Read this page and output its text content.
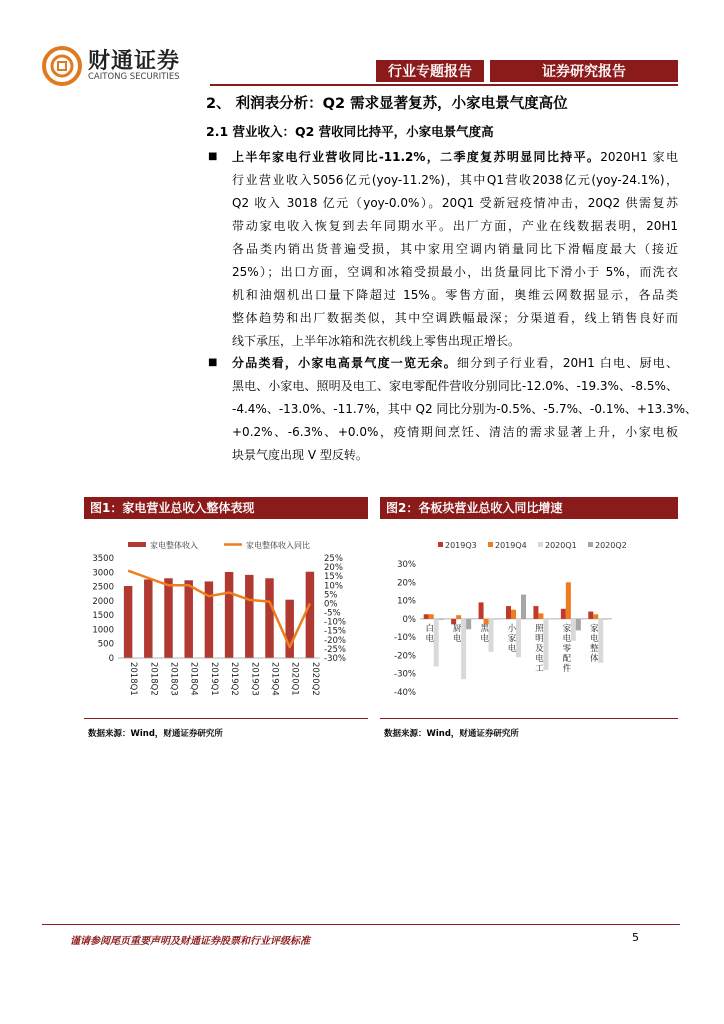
财通证券
CAITONG SECURITIES	行业专题报告	证券研究报告
2、 利润表分析：Q2 需求显著复苏，小家电景气度高位
2.1 营业收入：Q2 营收同比持平，小家电景气度高
■ 上半年家电行业营收同比-11.2%，二季度复苏明显同比持平。2020H1 家电
行业营业收入5056亿元(yoy-11.2%)，其中Q1营收2038亿元(yoy-24.1%)，
Q2 收入 3018 亿元（yoy-0.0%）。20Q1 受新冠疫情冲击，20Q2 供需复苏
带动家电收入恢复到去年同期水平。出厂方面，产业在线数据表明，20H1
各品类内销出货普遍受损，其中家用空调内销量同比下滑幅度最大（接近
25%）；出口方面，空调和冰箱受损最小，出货量同比下滑小于 5%，而洗衣
机和油烟机出口量下降超过 15%。零售方面，奥维云网数据显示，各品类
整体趋势和出厂数据类似，其中空调跌幅最深；分渠道看，线上销售良好而
线下承压，上半年冰箱和洗衣机线上零售出现正增长。
■ 分品类看，小家电高景气度一览无余。细分到子行业看，20H1 白电、厨电、
黑电、小家电、照明及电工、家电零配件营收分别同比-12.0%、-19.3%、-8.5%、
-4.4%、-13.0%、-11.7%，其中 Q2 同比分别为-0.5%、-5.7%、-0.1%、+13.3%、
+0.2%、-6.3%、+0.0%，疫情期间烹饪、清洁的需求显著上升，小家电板
块景气度出现 V 型反转。
图1：家电营业总收入整体表现
家电整体收入	家电整体收入同比
0
500
1000
1500
2000
2500
3000
3500	25%
20%
15%
10%
5%
0%
-5%
-10%
-15%
-20%
-25%
-30%
2018Q1 2018Q2 2018Q3 2018Q4 2019Q1 2019Q2 2019Q3 2019Q4 2020Q1 2020Q2
数据来源：Wind，财通证券研究所
图2：各板块营业总收入同比增速
2019Q3 2019Q4 2020Q1 2020Q2
30%
20%
10%
0%
-10%
-20%
-30%
-40%
白电
厨电
黑电
小家电
照明及电工
家电零配件
家电整体
数据来源：Wind，财通证券研究所
谨请参阅尾页重要声明及财通证券股票和行业评级标准	5
